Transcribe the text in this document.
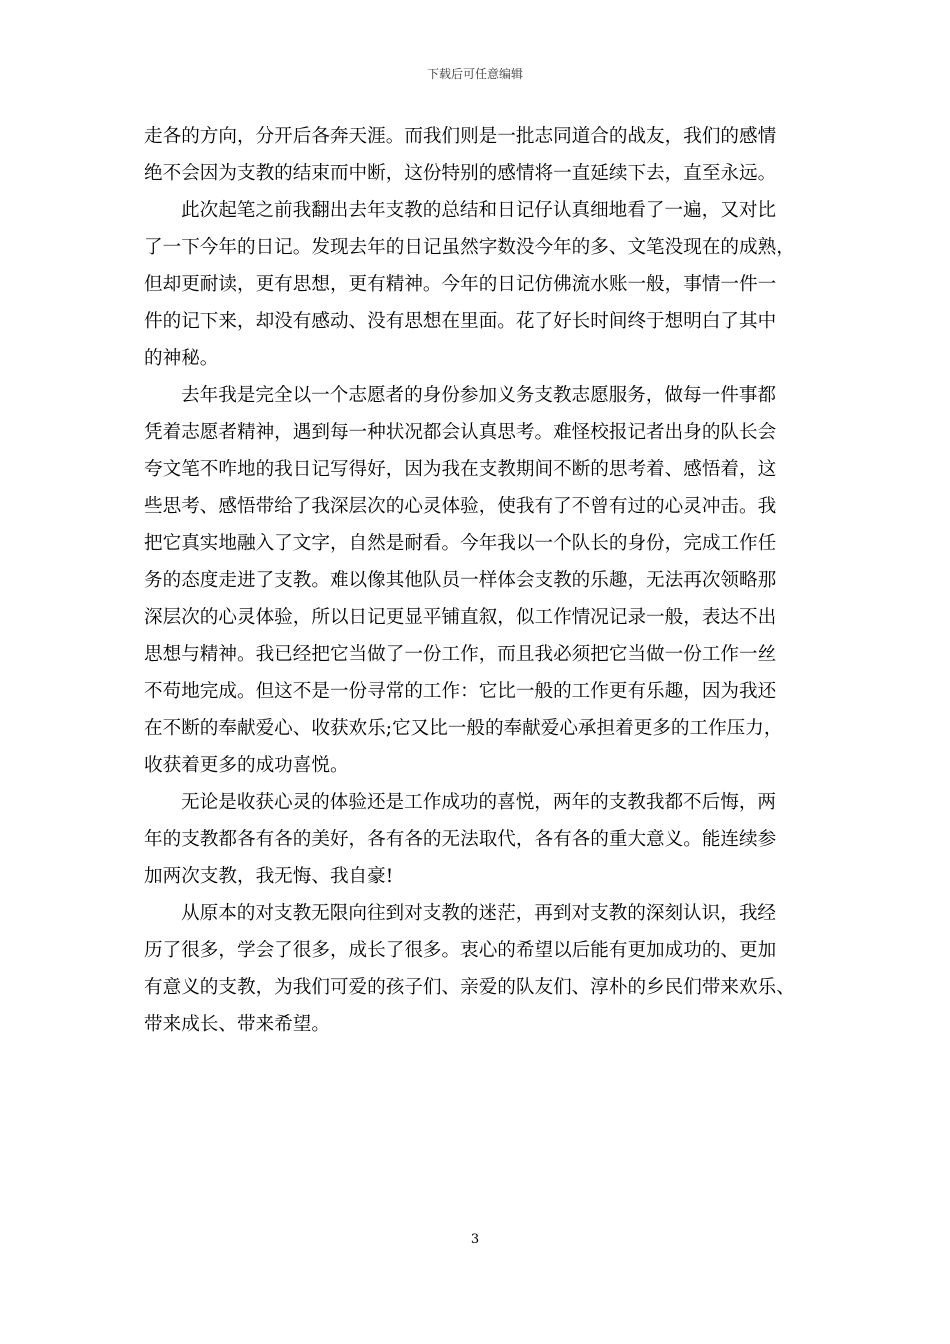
下载后可任意编辑
走各的方向，分开后各奔天涯。而我们则是一批志同道合的战友，我们的感情
绝不会因为支教的结束而中断，这份特别的感情将一直延续下去，直至永远。
此次起笔之前我翻出去年支教的总结和日记仔认真细地看了一遍，又对比
了一下今年的日记。发现去年的日记虽然字数没今年的多、文笔没现在的成熟，
但却更耐读，更有思想，更有精神。今年的日记仿佛流水账一般，事情一件一
件的记下来，却没有感动、没有思想在里面。花了好长时间终于想明白了其中
的神秘。
去年我是完全以一个志愿者的身份参加义务支教志愿服务，做每一件事都
凭着志愿者精神，遇到每一种状况都会认真思考。难怪校报记者出身的队长会
夸文笔不咋地的我日记写得好，因为我在支教期间不断的思考着、感悟着，这
些思考、感悟带给了我深层次的心灵体验，使我有了不曾有过的心灵冲击。我
把它真实地融入了文字，自然是耐看。今年我以一个队长的身份，完成工作任
务的态度走进了支教。难以像其他队员一样体会支教的乐趣，无法再次领略那
深层次的心灵体验，所以日记更显平铺直叙，似工作情况记录一般，表达不出
思想与精神。我已经把它当做了一份工作，而且我必须把它当做一份工作一丝
不苟地完成。但这不是一份寻常的工作：它比一般的工作更有乐趣，因为我还
在不断的奉献爱心、收获欢乐;它又比一般的奉献爱心承担着更多的工作压力，
收获着更多的成功喜悦。
无论是收获心灵的体验还是工作成功的喜悦，两年的支教我都不后悔，两
年的支教都各有各的美好，各有各的无法取代，各有各的重大意义。能连续参
加两次支教，我无悔、我自豪!
从原本的对支教无限向往到对支教的迷茫，再到对支教的深刻认识，我经
历了很多，学会了很多，成长了很多。衷心的希望以后能有更加成功的、更加
有意义的支教，为我们可爱的孩子们、亲爱的队友们、淳朴的乡民们带来欢乐、
带来成长、带来希望。
3
